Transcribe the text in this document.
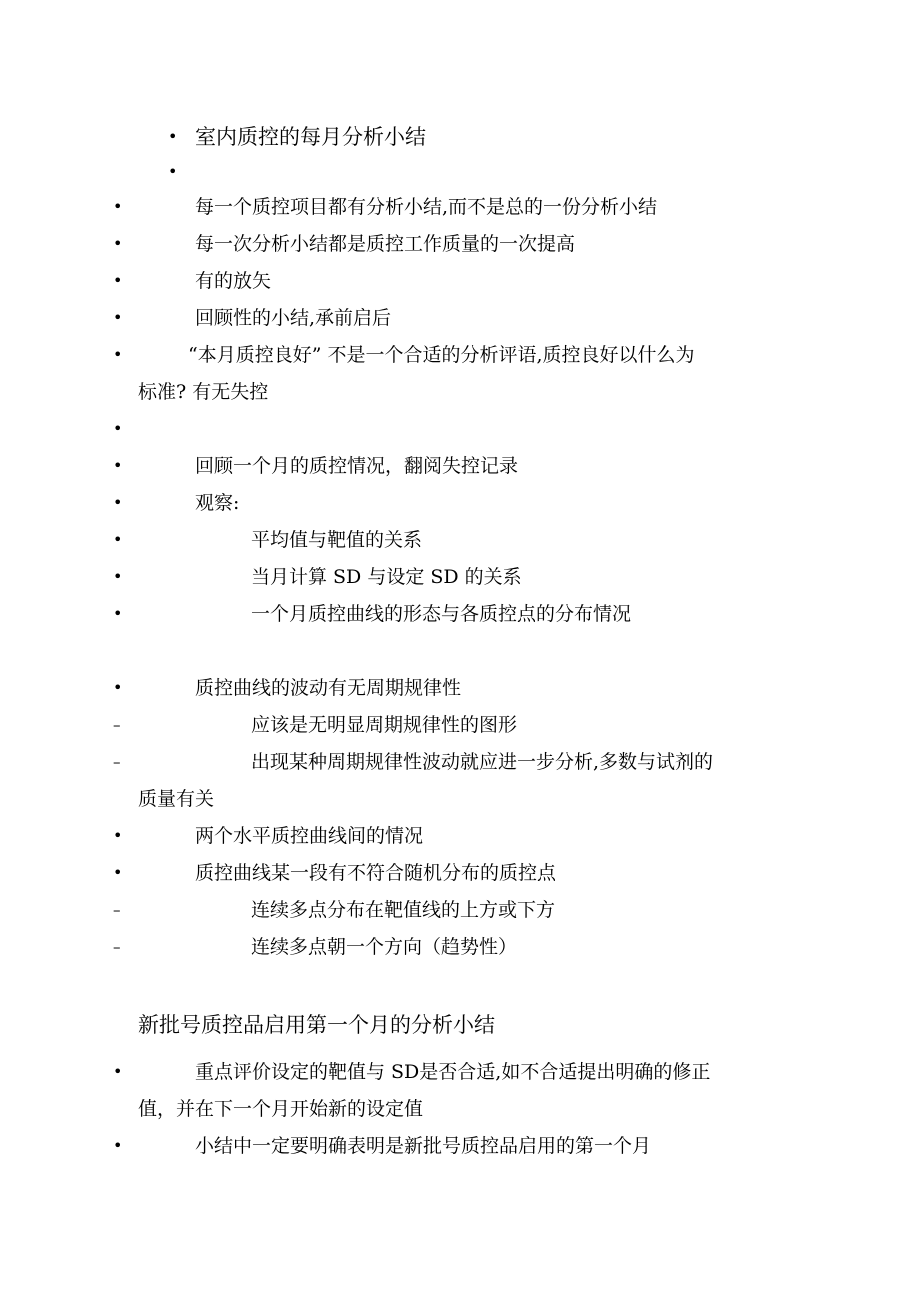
• 室内质控的每月分析小结
•
•	每一个质控项目都有分析小结,而不是总的一份分析小结
•	每一次分析小结都是质控工作质量的一次提高
•	有的放矢
•	回顾性的小结,承前启后
•	“本月质控良好” 不是一个合适的分析评语,质控良好以什么为
标准? 有无失控
•
•	回顾一个月的质控情况，翻阅失控记录
•	观察:
•	平均值与靶值的关系
•	当月计算 SD 与设定 SD 的关系
•	一个月质控曲线的形态与各质控点的分布情况
•	质控曲线的波动有无周期规律性
–	应该是无明显周期规律性的图形
–	出现某种周期规律性波动就应进一步分析,多数与试剂的
质量有关
•	两个水平质控曲线间的情况
•	质控曲线某一段有不符合随机分布的质控点
–	连续多点分布在靶值线的上方或下方
–	连续多点朝一个方向（趋势性）
新批号质控品启用第一个月的分析小结
•	重点评价设定的靶值与 SD是否合适,如不合适提出明确的修正
值，并在下一个月开始新的设定值
•	小结中一定要明确表明是新批号质控品启用的第一个月
